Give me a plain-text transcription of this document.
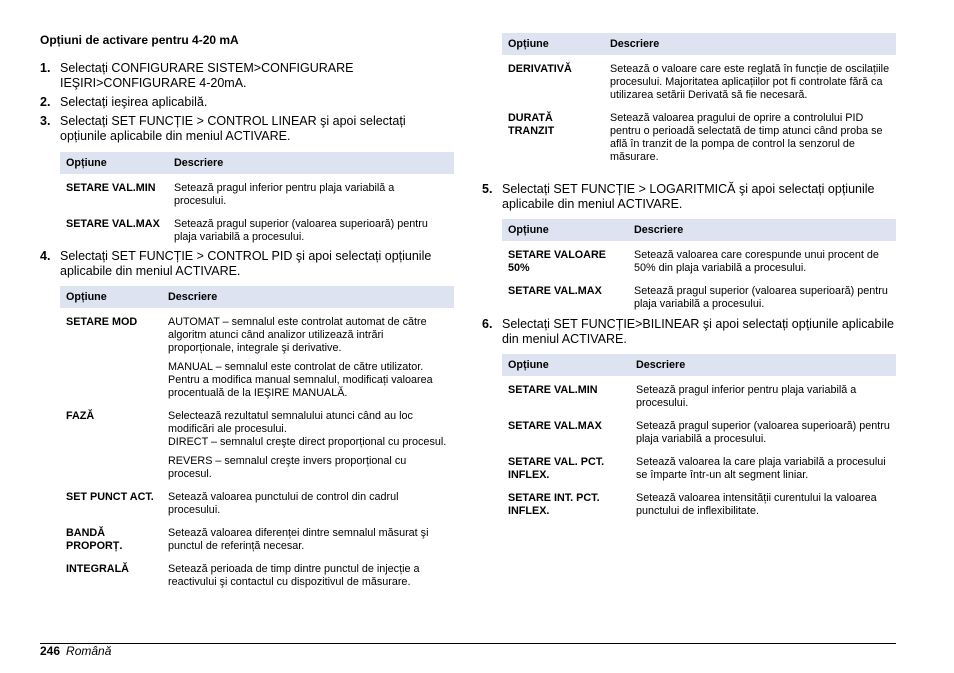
Opțiuni de activare pentru 4-20 mA
1. Selectați CONFIGURARE SISTEM>CONFIGURARE IEŞIRI>CONFIGURARE 4-20mA.
2. Selectați ieşirea aplicabilă.
3. Selectați SET FUNCȚIE > CONTROL LINEAR şi apoi selectați opțiunile aplicabile din meniul ACTIVARE.
Opțiune	Descriere
SETARE VAL.MIN	Setează pragul inferior pentru plaja variabilă a procesului.

SETARE VAL.MAX	Setează pragul superior (valoarea superioară) pentru plaja variabilă a procesului.
4. Selectați SET FUNCȚIE > CONTROL PID şi apoi selectați opțiunile aplicabile din meniul ACTIVARE.
Opțiune	Descriere
SETARE MOD	AUTOMAT – semnalul este controlat automat de către algoritm atunci când analizor utilizează intrări proporționale, integrale şi derivative.

	MANUAL – semnalul este controlat de către utilizator. Pentru a modifica manual semnalul, modificați valoarea procentuală de la IEŞIRE MANUALĂ.

FAZĂ	Selectează rezultatul semnalului atunci când au loc modificări ale procesului.
DIRECT – semnalul creşte direct proporțional cu procesul.

	REVERS – semnalul creşte invers proporțional cu procesul.

SET PUNCT ACT.	Setează valoarea punctului de control din cadrul procesului.

BANDĂ PROPORȚ.	Setează valoarea diferenței dintre semnalul măsurat şi punctul de referință necesar.

INTEGRALĂ	Setează perioada de timp dintre punctul de injecție a reactivului şi contactul cu dispozitivul de măsurare.
Opțiune	Descriere
DERIVATIVĂ	Setează o valoare care este reglată în funcție de oscilațiile procesului. Majoritatea aplicațiilor pot fi controlate fără ca utilizarea setării Derivată să fie necesară.

DURATĂ TRANZIT	Setează valoarea pragului de oprire a controlului PID pentru o perioadă selectată de timp atunci când proba se află în tranzit de la pompa de control la senzorul de măsurare.
5. Selectați SET FUNCȚIE > LOGARITMICĂ şi apoi selectați opțiunile aplicabile din meniul ACTIVARE.
Opțiune	Descriere
SETARE VALOARE 50%	Setează valoarea care corespunde unui procent de 50% din plaja variabilă a procesului.

SETARE VAL.MAX	Setează pragul superior (valoarea superioară) pentru plaja variabilă a procesului.
6. Selectați SET FUNCȚIE>BILINEAR şi apoi selectați opțiunile aplicabile din meniul ACTIVARE.
Opțiune	Descriere
SETARE VAL.MIN	Setează pragul inferior pentru plaja variabilă a procesului.

SETARE VAL.MAX	Setează pragul superior (valoarea superioară) pentru plaja variabilă a procesului.

SETARE VAL. PCT. INFLEX.	Setează valoarea la care plaja variabilă a procesului se împarte într-un alt segment liniar.

SETARE INT. PCT. INFLEX.	Setează valoarea intensității curentului la valoarea punctului de inflexibilitate.
246 Română
